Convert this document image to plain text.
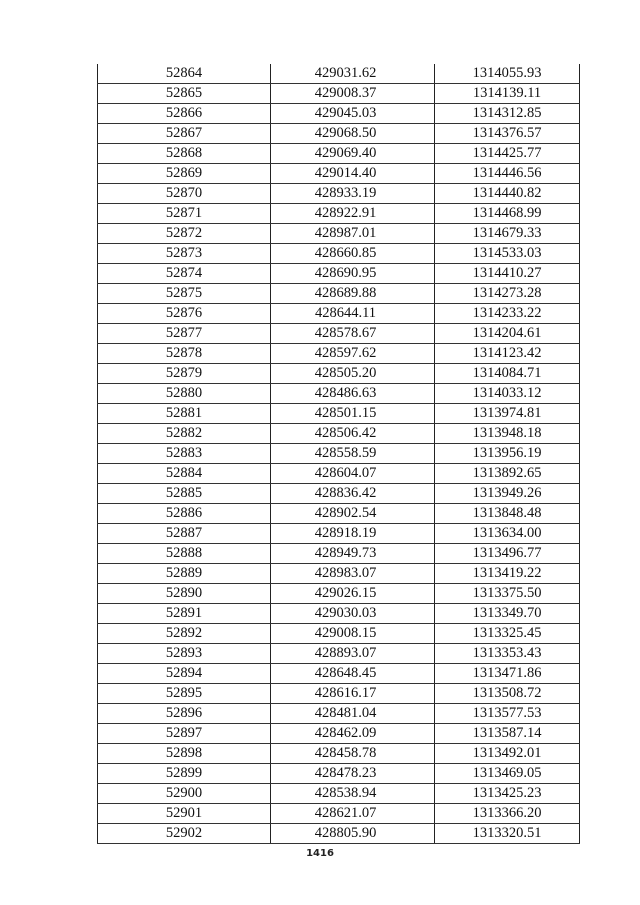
52864	429031.62	1314055.93
52865	429008.37	1314139.11
52866	429045.03	1314312.85
52867	429068.50	1314376.57
52868	429069.40	1314425.77
52869	429014.40	1314446.56
52870	428933.19	1314440.82
52871	428922.91	1314468.99
52872	428987.01	1314679.33
52873	428660.85	1314533.03
52874	428690.95	1314410.27
52875	428689.88	1314273.28
52876	428644.11	1314233.22
52877	428578.67	1314204.61
52878	428597.62	1314123.42
52879	428505.20	1314084.71
52880	428486.63	1314033.12
52881	428501.15	1313974.81
52882	428506.42	1313948.18
52883	428558.59	1313956.19
52884	428604.07	1313892.65
52885	428836.42	1313949.26
52886	428902.54	1313848.48
52887	428918.19	1313634.00
52888	428949.73	1313496.77
52889	428983.07	1313419.22
52890	429026.15	1313375.50
52891	429030.03	1313349.70
52892	429008.15	1313325.45
52893	428893.07	1313353.43
52894	428648.45	1313471.86
52895	428616.17	1313508.72
52896	428481.04	1313577.53
52897	428462.09	1313587.14
52898	428458.78	1313492.01
52899	428478.23	1313469.05
52900	428538.94	1313425.23
52901	428621.07	1313366.20
52902	428805.90	1313320.51
1416
